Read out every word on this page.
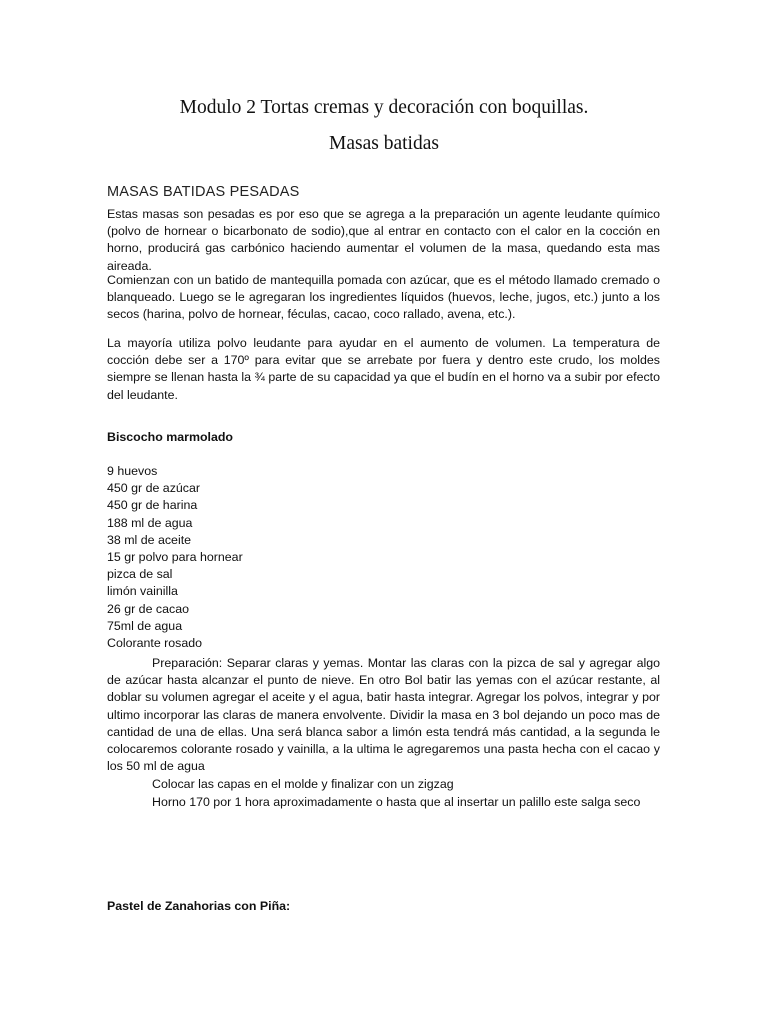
Modulo 2 Tortas cremas y decoración con boquillas.
Masas batidas
MASAS BATIDAS PESADAS
Estas masas son pesadas es por eso que se agrega a la preparación un agente leudante químico (polvo de hornear o bicarbonato de sodio),que al entrar en contacto con el calor en la cocción en horno, producirá gas carbónico haciendo aumentar el volumen de la masa, quedando esta mas aireada.
Comienzan con un batido de mantequilla pomada con azúcar, que es el método llamado cremado o blanqueado. Luego se le agregaran los ingredientes líquidos (huevos, leche, jugos, etc.) junto a los secos (harina, polvo de hornear, féculas, cacao, coco rallado, avena, etc.).
La mayoría utiliza polvo leudante para ayudar en el aumento de volumen. La temperatura de cocción debe ser a 170º para evitar que se arrebate por fuera y dentro este crudo, los moldes siempre se llenan hasta la ¾ parte de su capacidad ya que el budín en el horno va a subir por efecto del leudante.
Biscocho marmolado
9 huevos
450 gr de azúcar
450 gr de harina
188 ml de agua
38 ml de aceite
15 gr polvo para hornear
pizca de sal
limón vainilla
26 gr de cacao
75ml de agua
Colorante rosado
Preparación: Separar claras y yemas. Montar las claras con la pizca de sal y agregar algo de azúcar hasta alcanzar el punto de nieve. En otro Bol batir las yemas con el azúcar restante, al doblar su volumen agregar el aceite y el agua, batir hasta integrar. Agregar los polvos, integrar y por ultimo incorporar las claras de manera envolvente. Dividir la masa en 3 bol dejando un poco mas de cantidad de una de ellas. Una será blanca sabor a limón esta tendrá más cantidad, a la segunda le colocaremos colorante rosado y vainilla, a la ultima le agregaremos una pasta hecha con el cacao y los 50 ml de agua
Colocar las capas en el molde y finalizar con un zigzag
Horno 170 por 1 hora aproximadamente o hasta que al insertar un palillo este salga seco
Pastel de Zanahorias con Piña:
